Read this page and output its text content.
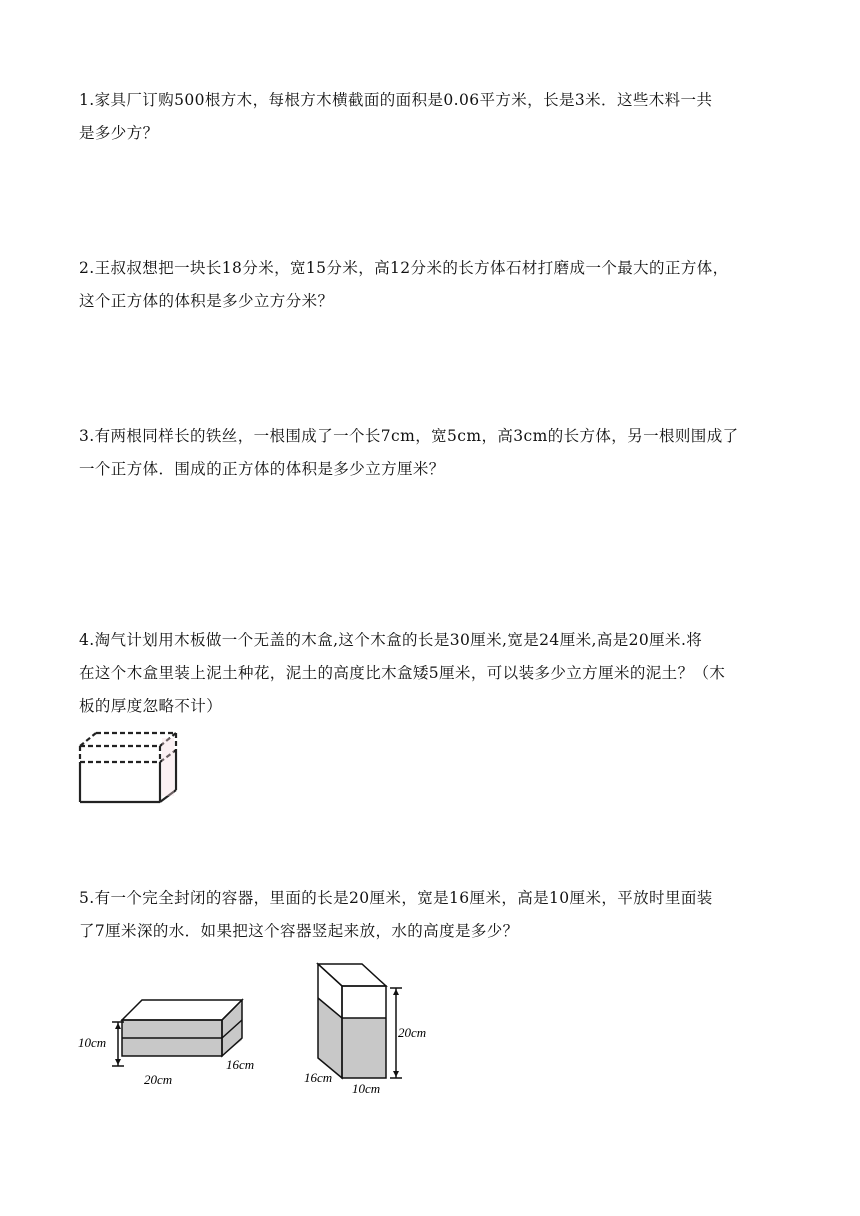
1.家具厂订购500根方木，每根方木横截面的面积是0.06平方米，长是3米．这些木料一共

是多少方？

2.王叔叔想把一块长18分米，宽15分米，高12分米的长方体石材打磨成一个最大的正方体，

这个正方体的体积是多少立方分米？

3.有两根同样长的铁丝，一根围成了一个长7cm，宽5cm，高3cm的长方体，另一根则围成了

一个正方体．围成的正方体的体积是多少立方厘米？

4.淘气计划用木板做一个无盖的木盒,这个木盒的长是30厘米,宽是24厘米,高是20厘米.将

在这个木盒里装上泥土种花，泥土的高度比木盒矮5厘米，可以装多少立方厘米的泥土？（木

板的厚度忽略不计）

5.有一个完全封闭的容器，里面的长是20厘米，宽是16厘米，高是10厘米，平放时里面装

了7厘米深的水．如果把这个容器竖起来放，水的高度是多少？

10cm
20cm
16cm
20cm
16cm
10cm
